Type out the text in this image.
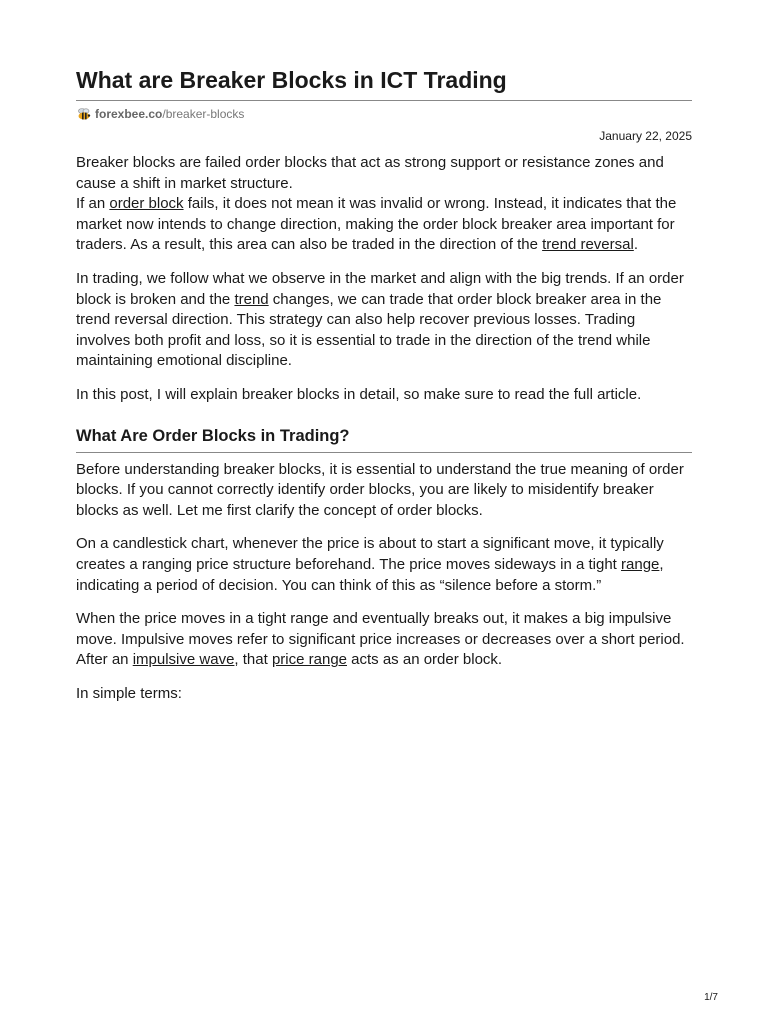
What are Breaker Blocks in ICT Trading
forexbee.co /breaker-blocks
January 22, 2025

Breaker blocks are failed order blocks that act as strong support or resistance zones and cause a shift in market structure.
If an order block fails, it does not mean it was invalid or wrong. Instead, it indicates that the market now intends to change direction, making the order block breaker area important for traders. As a result, this area can also be traded in the direction of the trend reversal.

In trading, we follow what we observe in the market and align with the big trends. If an order block is broken and the trend changes, we can trade that order block breaker area in the trend reversal direction. This strategy can also help recover previous losses. Trading involves both profit and loss, so it is essential to trade in the direction of the trend while maintaining emotional discipline.

In this post, I will explain breaker blocks in detail, so make sure to read the full article.

What Are Order Blocks in Trading?

Before understanding breaker blocks, it is essential to understand the true meaning of order blocks. If you cannot correctly identify order blocks, you are likely to misidentify breaker blocks as well. Let me first clarify the concept of order blocks.

On a candlestick chart, whenever the price is about to start a significant move, it typically creates a ranging price structure beforehand. The price moves sideways in a tight range, indicating a period of decision. You can think of this as “silence before a storm.”

When the price moves in a tight range and eventually breaks out, it makes a big impulsive move. Impulsive moves refer to significant price increases or decreases over a short period. After an impulsive wave, that price range acts as an order block.

In simple terms:

1/7
